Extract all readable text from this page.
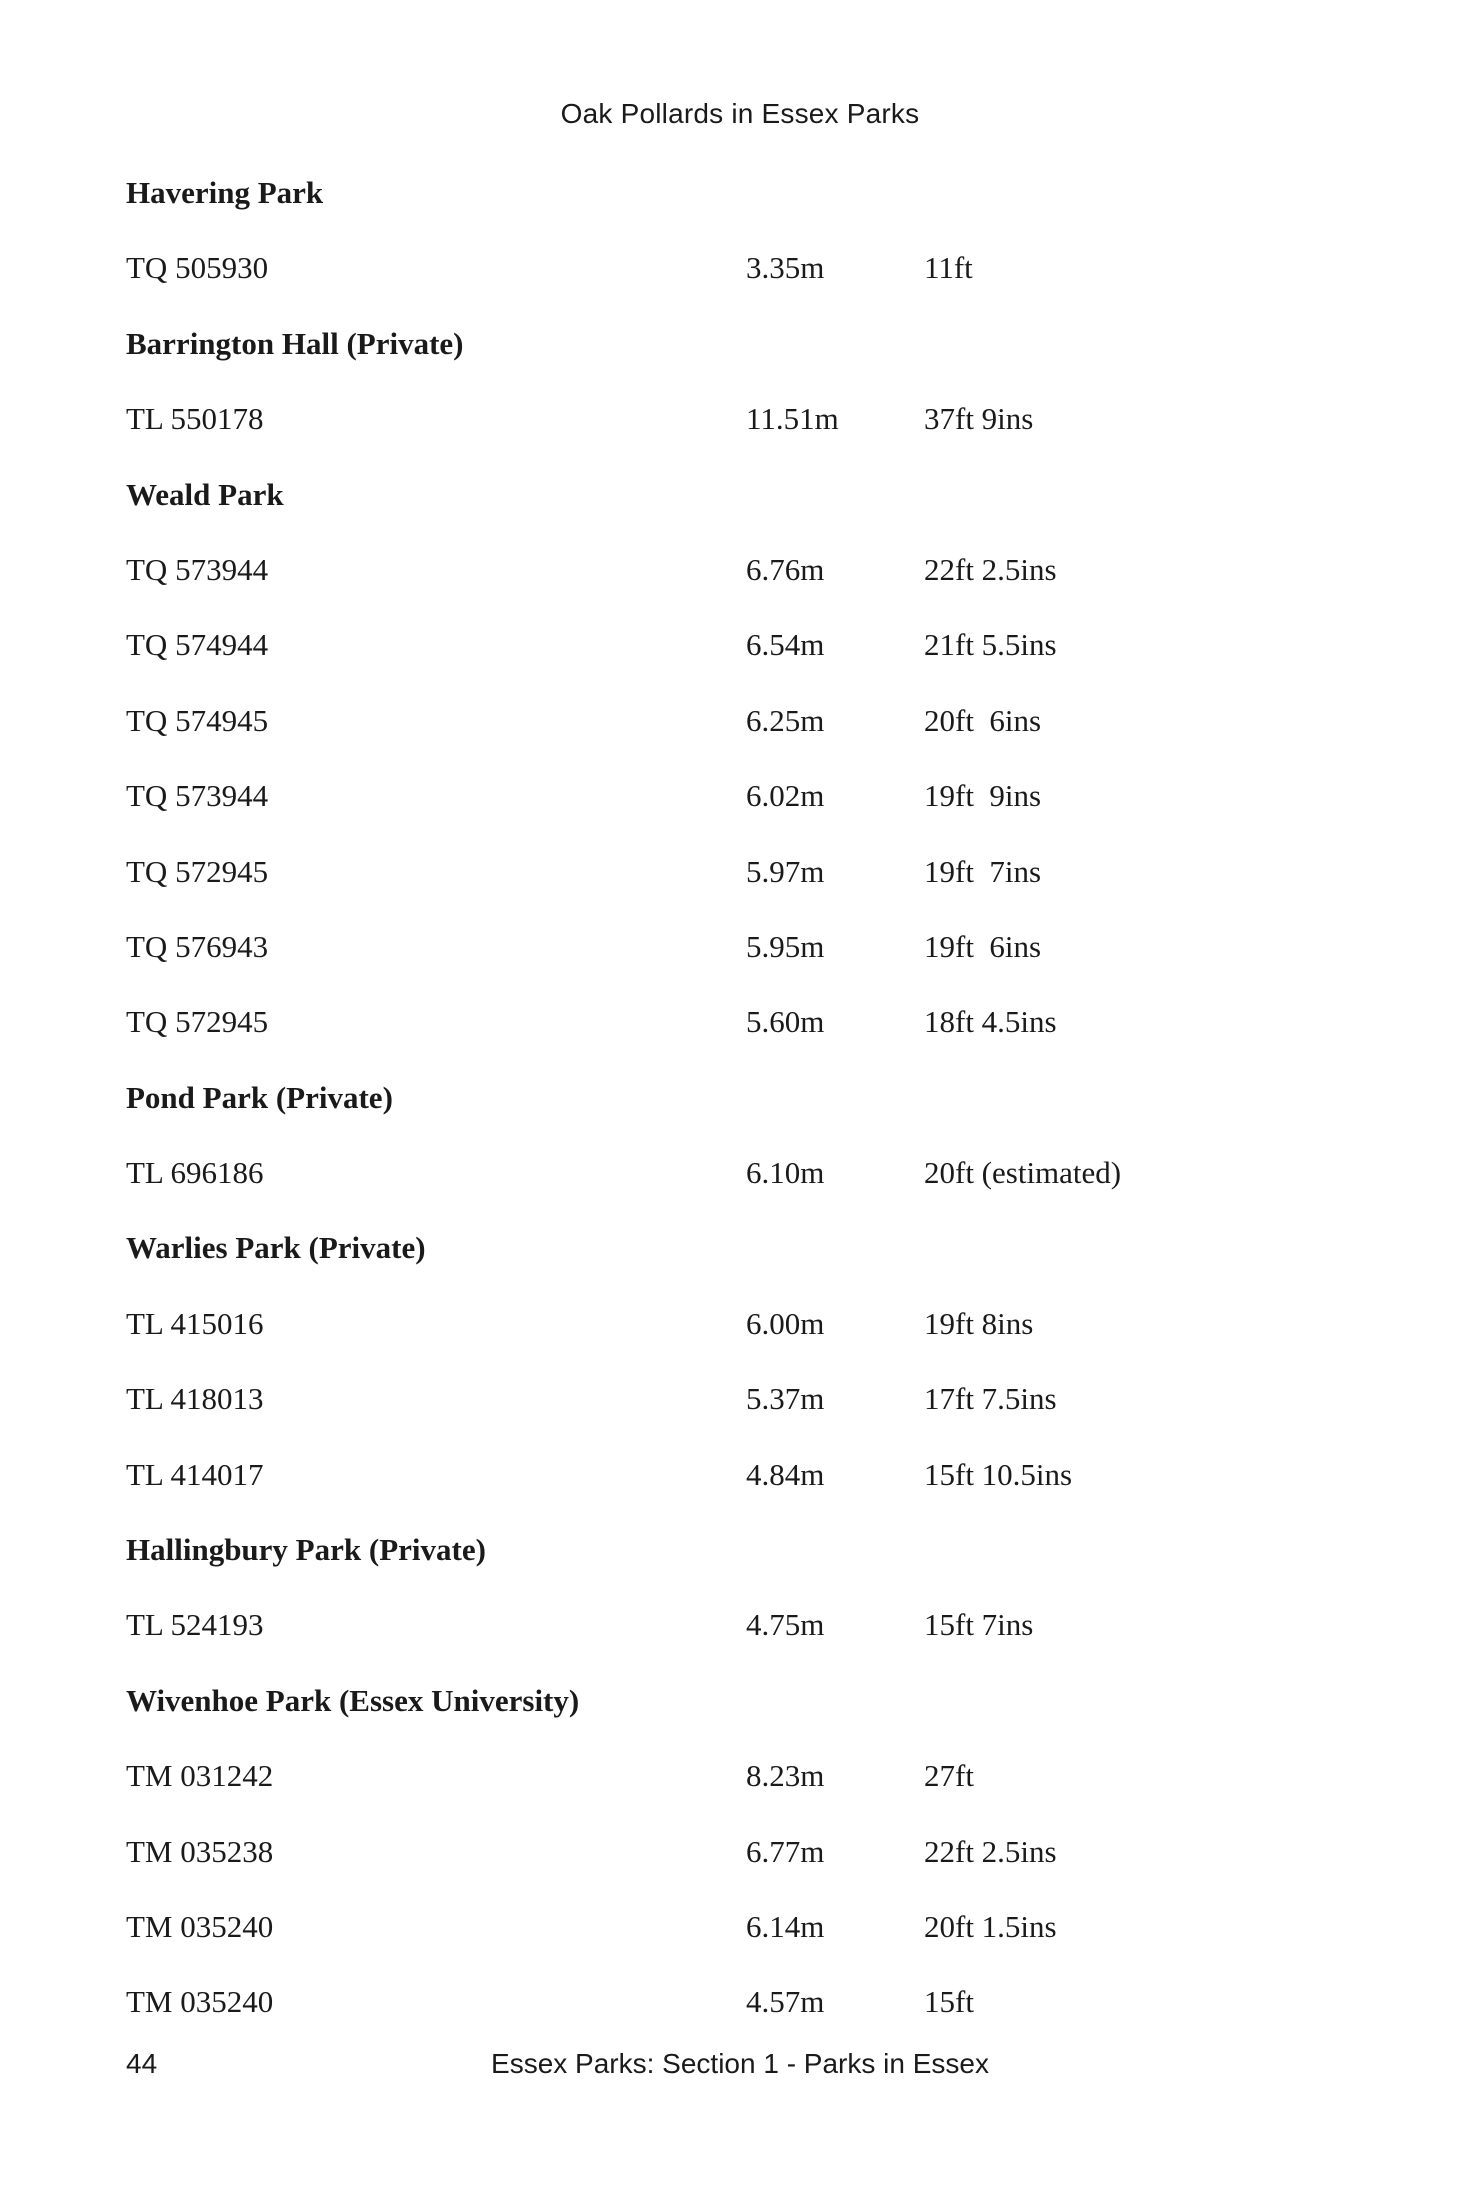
Oak Pollards in Essex Parks
Havering Park
TQ 505930	3.35m	11ft
Barrington Hall (Private)
TL 550178	11.51m	37ft 9ins
Weald Park
TQ 573944	6.76m	22ft 2.5ins
TQ 574944	6.54m	21ft 5.5ins
TQ 574945	6.25m	20ft  6ins
TQ 573944	6.02m	19ft  9ins
TQ 572945	5.97m	19ft  7ins
TQ 576943	5.95m	19ft  6ins
TQ 572945	5.60m	18ft 4.5ins
Pond Park (Private)
TL 696186	6.10m	20ft (estimated)
Warlies Park (Private)
TL 415016	6.00m	19ft 8ins
TL 418013	5.37m	17ft 7.5ins
TL 414017	4.84m	15ft 10.5ins
Hallingbury Park (Private)
TL 524193	4.75m	15ft 7ins
Wivenhoe Park (Essex University)
TM 031242	8.23m	27ft
TM 035238	6.77m	22ft 2.5ins
TM 035240	6.14m	20ft 1.5ins
TM 035240	4.57m	15ft
44	Essex Parks: Section 1 - Parks in Essex
